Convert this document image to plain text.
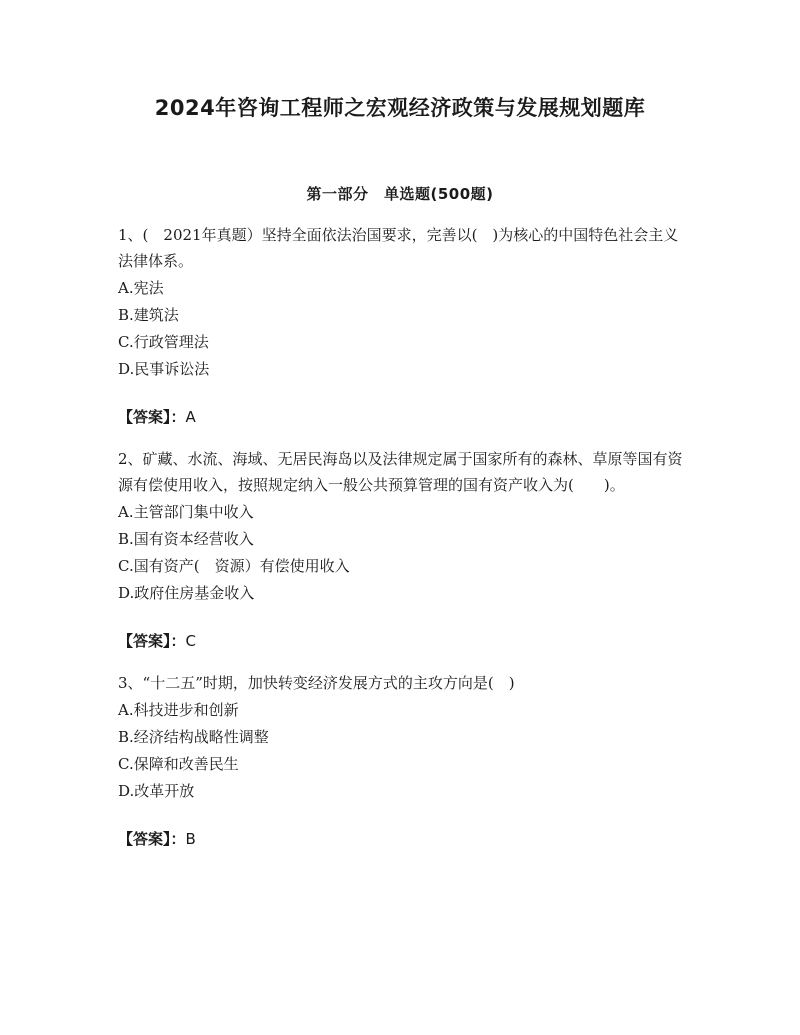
2024年咨询工程师之宏观经济政策与发展规划题库
第一部分　单选题(500题)

1、(　2021年真题）坚持全面依法治国要求，完善以(　)为核心的中国特色社会主义法律体系。

A.宪法

B.建筑法

C.行政管理法

D.民事诉讼法

【答案】：A

2、矿藏、水流、海域、无居民海岛以及法律规定属于国家所有的森林、草原等国有资源有偿使用收入，按照规定纳入一般公共预算管理的国有资产收入为(　　)。

A.主管部门集中收入

B.国有资本经营收入

C.国有资产(　资源）有偿使用收入

D.政府住房基金收入

【答案】：C

3、“十二五”时期，加快转变经济发展方式的主攻方向是(　)

A.科技进步和创新

B.经济结构战略性调整

C.保障和改善民生

D.改革开放

【答案】：B
